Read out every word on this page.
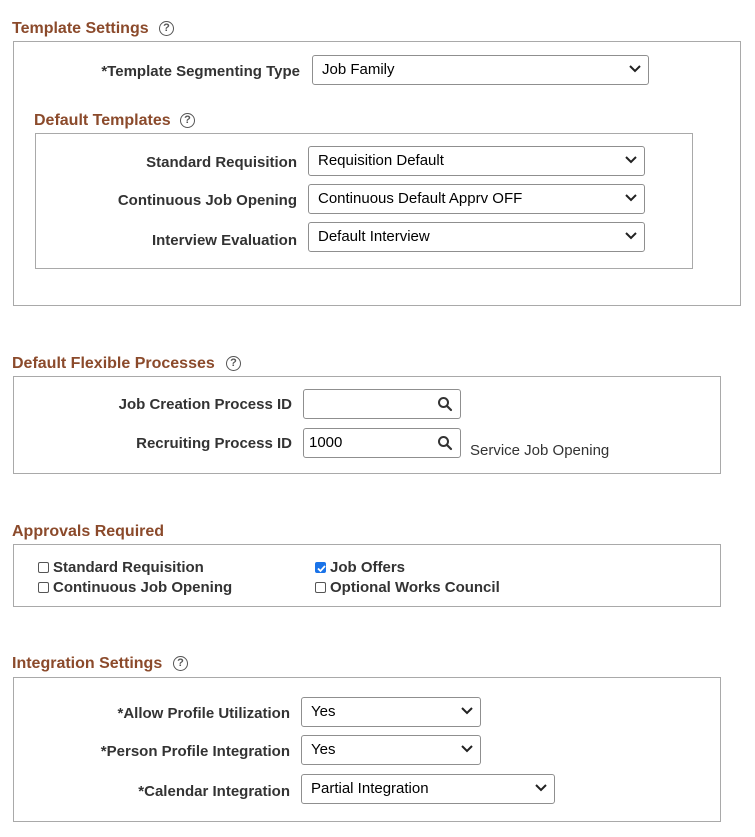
Template Settings	?
*Template Segmenting Type	Job Family
Default Templates	?
Standard Requisition	Requisition Default
Continuous Job Opening	Continuous Default Apprv OFF
Interview Evaluation	Default Interview
Default Flexible Processes	?
Job Creation Process ID
Recruiting Process ID	1000	Service Job Opening
Approvals Required
Standard Requisition	Job Offers
Continuous Job Opening	Optional Works Council
Integration Settings	?
*Allow Profile Utilization	Yes
*Person Profile Integration	Yes
*Calendar Integration	Partial Integration
